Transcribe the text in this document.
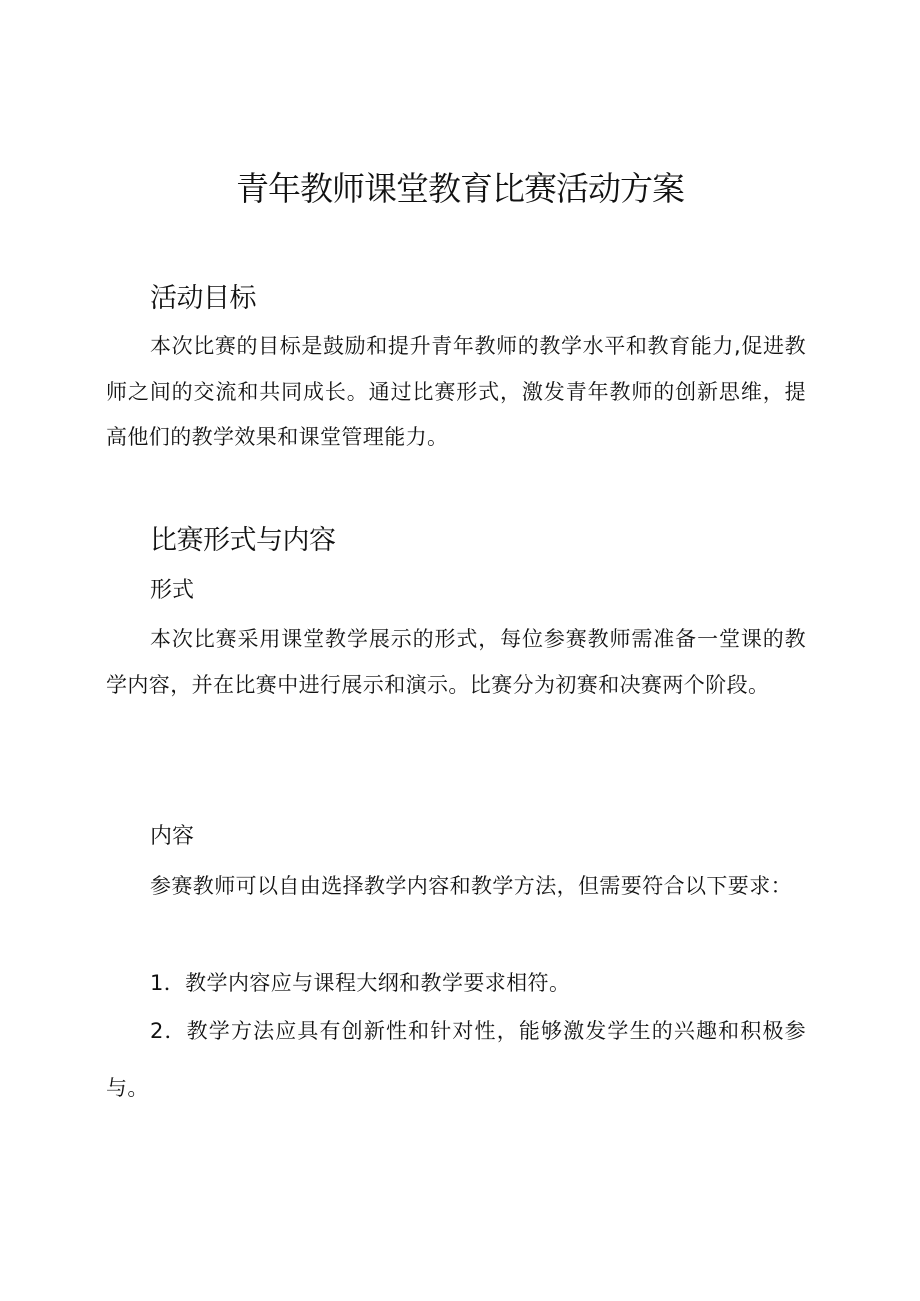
青年教师课堂教育比赛活动方案
活动目标

本次比赛的目标是鼓励和提升青年教师的教学水平和教育能力,促进教师之间的交流和共同成长。通过比赛形式，激发青年教师的创新思维，提高他们的教学效果和课堂管理能力。

比赛形式与内容
形式

本次比赛采用课堂教学展示的形式，每位参赛教师需准备一堂课的教学内容，并在比赛中进行展示和演示。比赛分为初赛和决赛两个阶段。

内容

参赛教师可以自由选择教学内容和教学方法，但需要符合以下要求：

1．教学内容应与课程大纲和教学要求相符。

2．教学方法应具有创新性和针对性，能够激发学生的兴趣和积极参与。
